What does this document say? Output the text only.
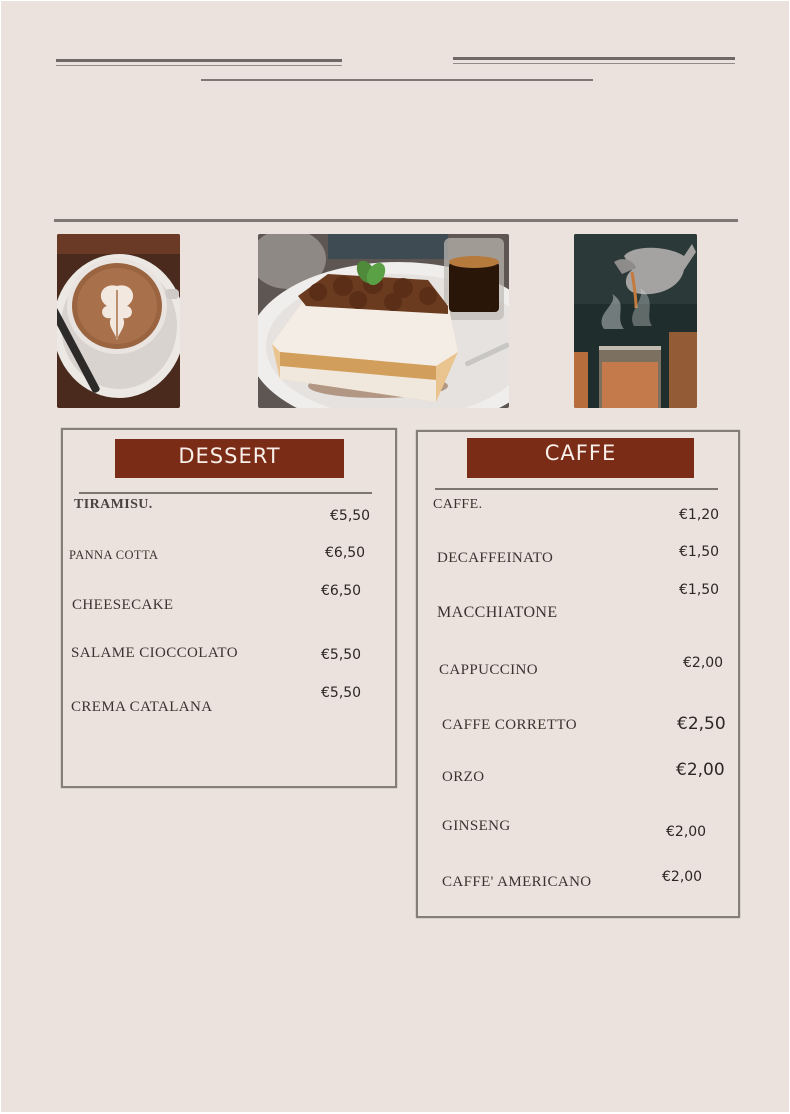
DESSERT
TIRAMISU.
€5,50
PANNA COTTA	€6,50
CHEESECAKE
€6,50
SALAME CIOCCOLATO	€5,50
CREMA CATALANA
€5,50
CAFFE
CAFFE.
€1,20
DECAFFEINATO	€1,50
MACCHIATONE
€1,50
CAPPUCCINO	€2,00
CAFFE CORRETTO	€2,50
ORZO	€2,00
GINSENG	€2,00
CAFFE' AMERICANO	€2,00
